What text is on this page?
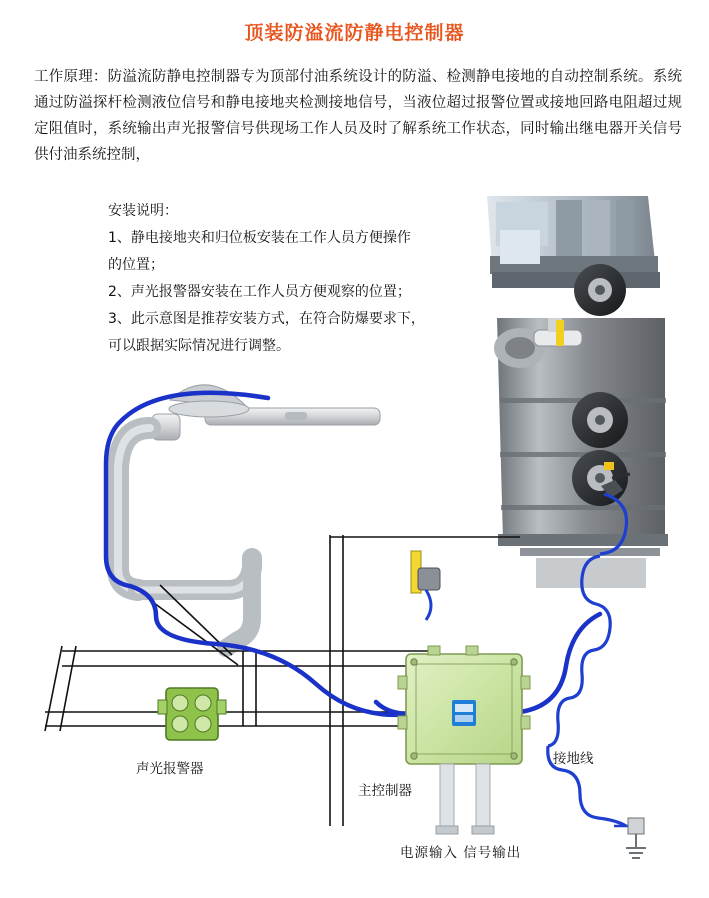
顶装防溢流防静电控制器
工作原理：防溢流防静电控制器专为顶部付油系统设计的防溢、检测静电接地的自动控制系统。系统通过防溢探杆检测液位信号和静电接地夹检测接地信号，当液位超过报警位置或接地回路电阻超过规定阻值时，系统输出声光报警信号供现场工作人员及时了解系统工作状态，同时输出继电器开关信号供付油系统控制，
安装说明：
1、静电接地夹和归位板安装在工作人员方便操作
的位置；
2、声光报警器安装在工作人员方便观察的位置；
3、此示意图是推荐安装方式，在符合防爆要求下，
可以跟据实际情况进行调整。
声光报警器
主控制器
接地线
电源输入 信号输出
